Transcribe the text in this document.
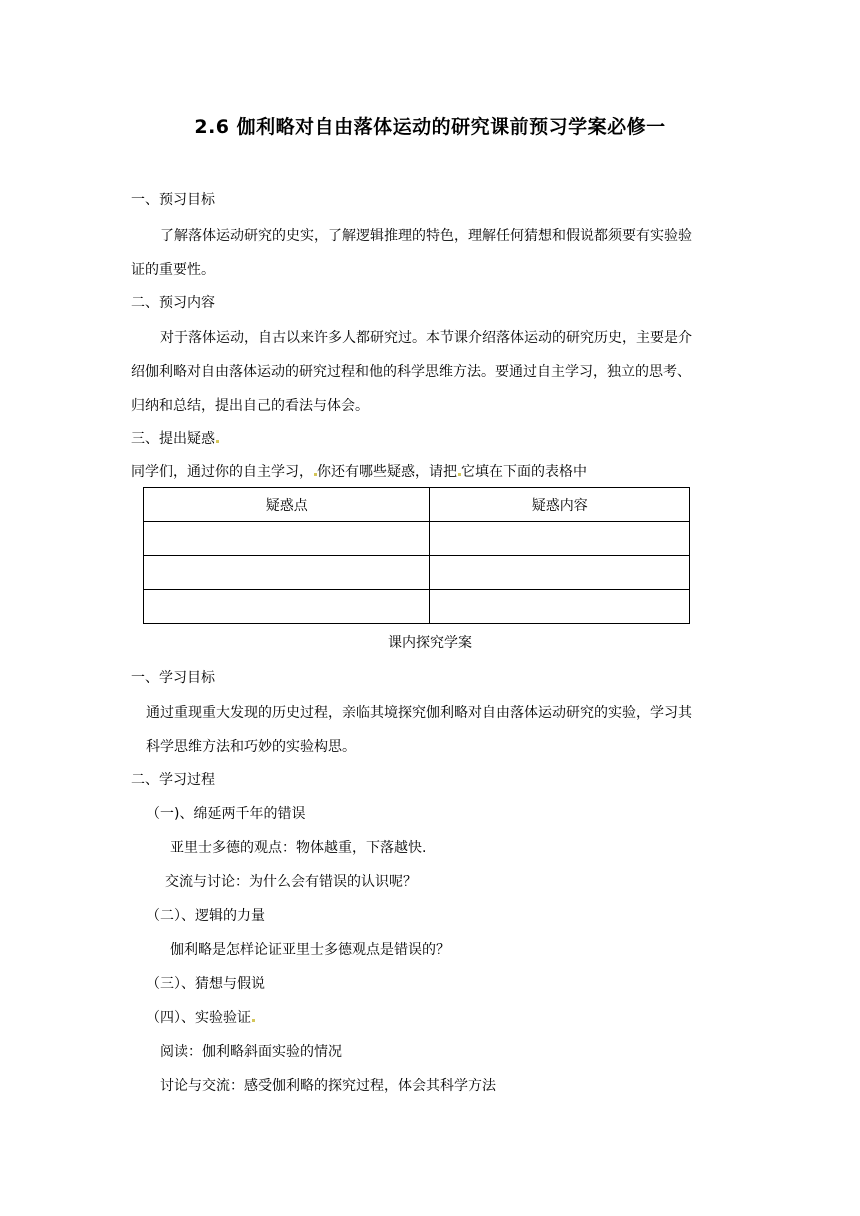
2.6 伽利略对自由落体运动的研究课前预习学案必修一
一、预习目标
了解落体运动研究的史实，了解逻辑推理的特色，理解任何猜想和假说都须要有实验验
证的重要性。
二、预习内容
对于落体运动，自古以来许多人都研究过。本节课介绍落体运动的研究历史，主要是介
绍伽利略对自由落体运动的研究过程和他的科学思维方法。要通过自主学习，独立的思考、
归纳和总结，提出自己的看法与体会。
三、提出疑惑
同学们，通过你的自主学习， 你还有哪些疑惑，请把 它填在下面的表格中
疑惑点	疑惑内容

课内探究学案
一、学习目标
通过重现重大发现的历史过程，亲临其境探究伽利略对自由落体运动研究的实验，学习其
科学思维方法和巧妙的实验构思。
二、学习过程
（一)、绵延两千年的错误
亚里士多德的观点：物体越重，下落越快.
交流与讨论：为什么会有错误的认识呢？
（二）、逻辑的力量
伽利略是怎样论证亚里士多德观点是错误的？
（三）、猜想与假说
（四）、实验验证
阅读：伽利略斜面实验的情况
讨论与交流：感受伽利略的探究过程，体会其科学方法
